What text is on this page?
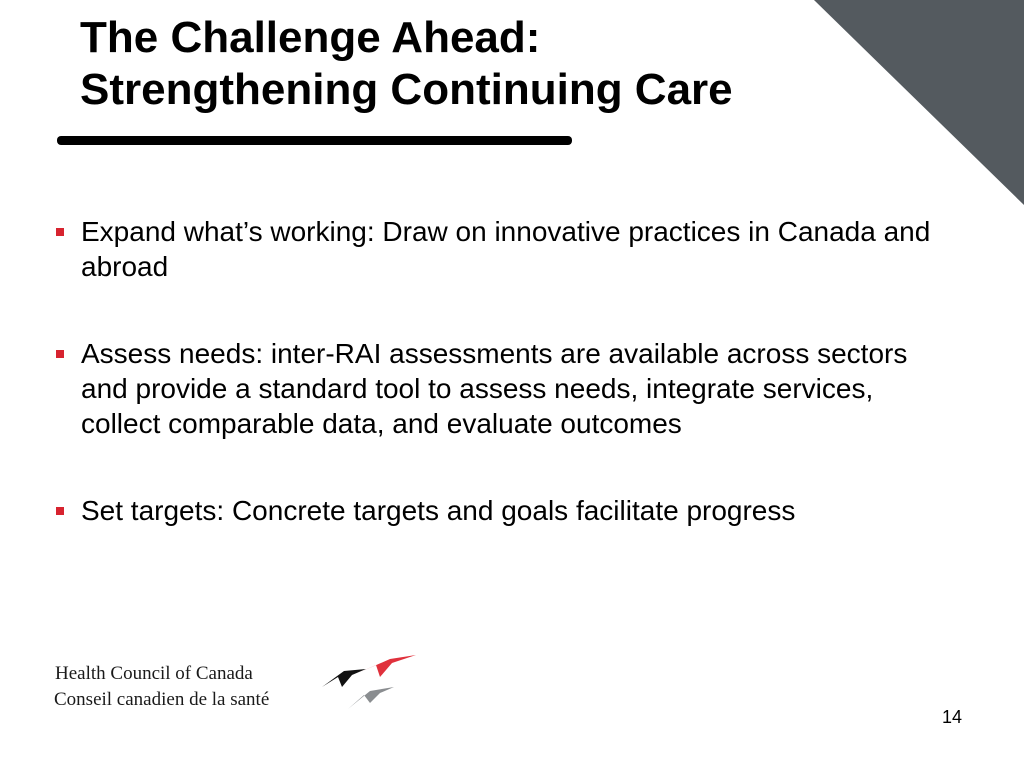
The Challenge Ahead:
Strengthening Continuing Care
Expand what’s working: Draw on innovative practices in Canada and abroad
Assess needs: inter-RAI assessments are available across sectors and provide a standard tool to assess needs, integrate services, collect comparable data, and evaluate outcomes
Set targets: Concrete targets and goals facilitate progress
Health Council of Canada
Conseil canadien de la santé
14
